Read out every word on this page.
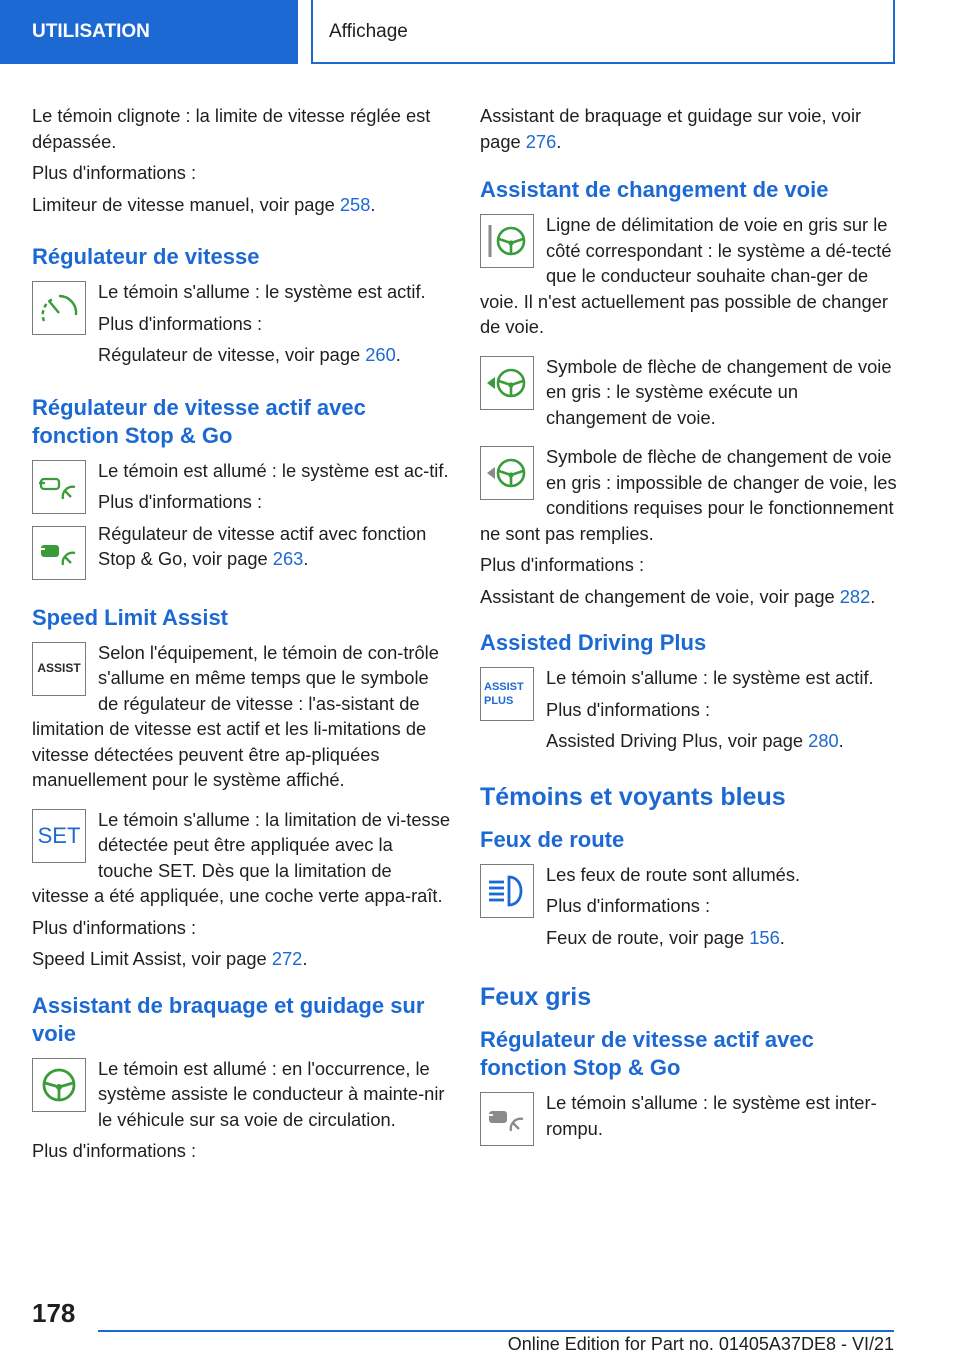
UTILISATION	Affichage

Le témoin clignote : la limite de vitesse réglée est dépassée.

Plus d'informations :

Limiteur de vitesse manuel, voir page 258.

Régulateur de vitesse

Le témoin s'allume : le système est actif.

Plus d'informations :

Régulateur de vitesse, voir page 260.

Régulateur de vitesse actif avec fonction Stop & Go

Le témoin est allumé : le système est ac-tif.

Plus d'informations :

Régulateur de vitesse actif avec fonction Stop & Go, voir page 263.

Speed Limit Assist
ASSIST

Selon l'équipement, le témoin de con-trôle s'allume en même temps que le symbole de régulateur de vitesse : l'as-sistant de limitation de vitesse est actif et les li-mitations de vitesse détectées peuvent être ap-pliquées manuellement pour le système affiché.

SET

Le témoin s'allume : la limitation de vi-tesse détectée peut être appliquée avec la touche SET. Dès que la limitation de vitesse a été appliquée, une coche verte appa-raît.

Plus d'informations :

Speed Limit Assist, voir page 272.

Assistant de braquage et guidage sur voie

Le témoin est allumé : en l'occurrence, le système assiste le conducteur à mainte-nir le véhicule sur sa voie de circulation.

Plus d'informations :

Assistant de braquage et guidage sur voie, voir page 276.

Assistant de changement de voie

Ligne de délimitation de voie en gris sur le côté correspondant : le système a dé-tecté que le conducteur souhaite chan-ger de voie. Il n'est actuellement pas possible de changer de voie.

Symbole de flèche de changement de voie en gris : le système exécute un changement de voie.

Symbole de flèche de changement de voie en gris : impossible de changer de voie, les conditions requises pour le fonctionnement ne sont pas remplies.

Plus d'informations :

Assistant de changement de voie, voir page 282.

Assisted Driving Plus
ASSIST
PLUS

Le témoin s'allume : le système est actif.

Plus d'informations :

Assisted Driving Plus, voir page 280.

Témoins et voyants bleus
Feux de route

Les feux de route sont allumés.

Plus d'informations :

Feux de route, voir page 156.

Feux gris
Régulateur de vitesse actif avec fonction Stop & Go

Le témoin s'allume : le système est inter-rompu.

178
Online Edition for Part no. 01405A37DE8 - VI/21
